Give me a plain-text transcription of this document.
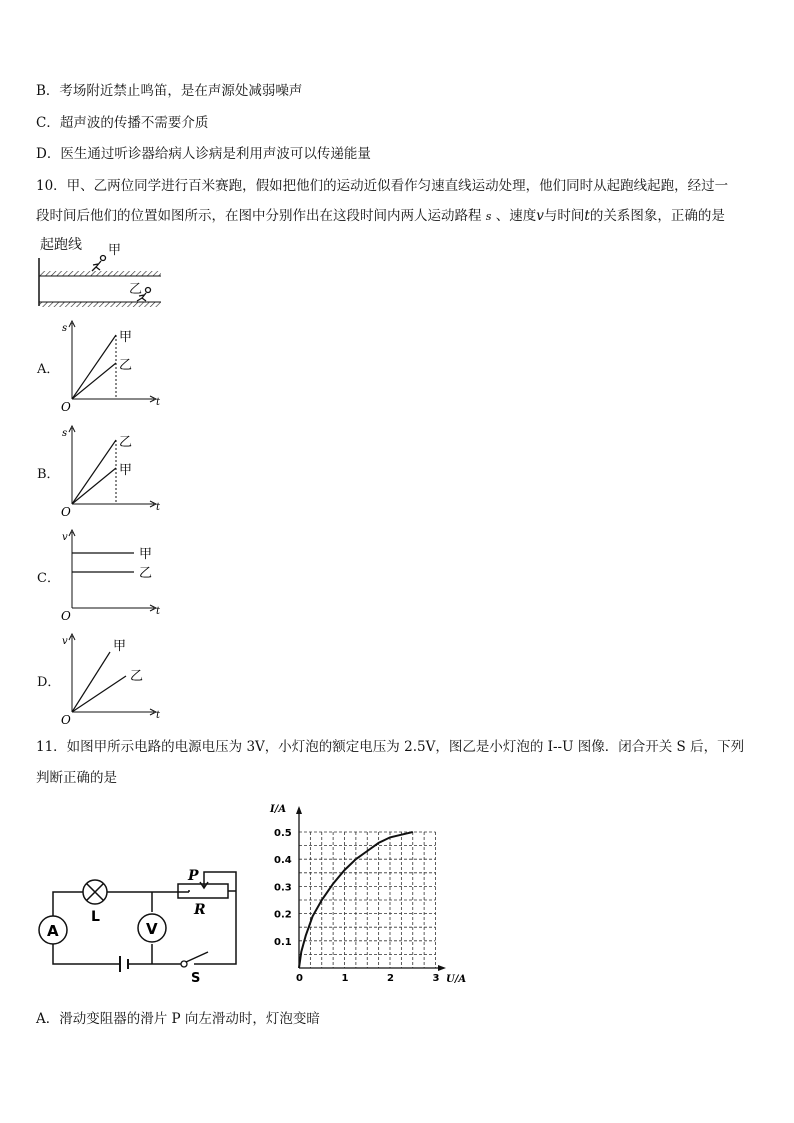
B．考场附近禁止鸣笛，是在声源处减弱噪声
C．超声波的传播不需要介质
D．医生通过听诊器给病人诊病是利用声波可以传递能量
10．甲、乙两位同学进行百米赛跑，假如把他们的运动近似看作匀速直线运动处理，他们同时从起跑线起跑，经过一
段时间后他们的位置如图所示，在图中分别作出在这段时间内两人运动路程 s 、速度v与时间t的关系图象，正确的是
起跑线 甲
乙
A．
s
t
O
甲
乙
B．
s
t
O
乙
甲
C．
v
t
O
甲
乙
D．
v
t
O
甲
乙
11．如图甲所示电路的电源电压为 3V，小灯泡的额定电压为 2.5V，图乙是小灯泡的 I--U 图像．闭合开关 S 后，下列
判断正确的是
A
L
V
P
R
S
I/A
U/A
0	1	2	3
0.1
0.2
0.3
0.4
0.5
A．滑动变阻器的滑片 P 向左滑动时，灯泡变暗
